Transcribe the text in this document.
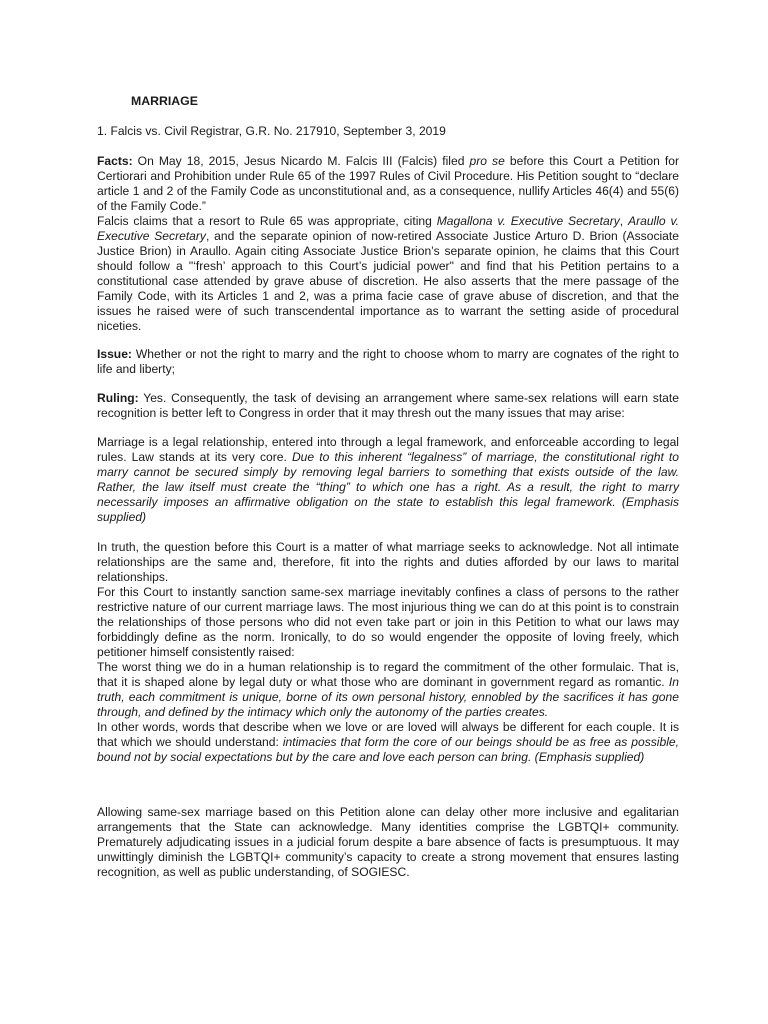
MARRIAGE

1. Falcis vs. Civil Registrar, G.R. No. 217910, September 3, 2019

Facts: On May 18, 2015, Jesus Nicardo M. Falcis III (Falcis) filed pro se before this Court a Petition for Certiorari and Prohibition under Rule 65 of the 1997 Rules of Civil Procedure. His Petition sought to “declare article 1 and 2 of the Family Code as unconstitutional and, as a consequence, nullify Articles 46(4) and 55(6) of the Family Code.”

Falcis claims that a resort to Rule 65 was appropriate, citing Magallona v. Executive Secretary, Araullo v. Executive Secretary, and the separate opinion of now-retired Associate Justice Arturo D. Brion (Associate Justice Brion) in Araullo. Again citing Associate Justice Brion’s separate opinion, he claims that this Court should follow a "‘fresh’ approach to this Court’s judicial power" and find that his Petition pertains to a constitutional case attended by grave abuse of discretion. He also asserts that the mere passage of the Family Code, with its Articles 1 and 2, was a prima facie case of grave abuse of discretion, and that the issues he raised were of such transcendental importance as to warrant the setting aside of procedural niceties.

Issue: Whether or not the right to marry and the right to choose whom to marry are cognates of the right to life and liberty;

Ruling: Yes. Consequently, the task of devising an arrangement where same-sex relations will earn state recognition is better left to Congress in order that it may thresh out the many issues that may arise:

Marriage is a legal relationship, entered into through a legal framework, and enforceable according to legal rules. Law stands at its very core. Due to this inherent “legalness” of marriage, the constitutional right to marry cannot be secured simply by removing legal barriers to something that exists outside of the law. Rather, the law itself must create the “thing” to which one has a right. As a result, the right to marry necessarily imposes an affirmative obligation on the state to establish this legal framework. (Emphasis supplied)

In truth, the question before this Court is a matter of what marriage seeks to acknowledge. Not all intimate relationships are the same and, therefore, fit into the rights and duties afforded by our laws to marital relationships.

For this Court to instantly sanction same-sex marriage inevitably confines a class of persons to the rather restrictive nature of our current marriage laws. The most injurious thing we can do at this point is to constrain the relationships of those persons who did not even take part or join in this Petition to what our laws may forbiddingly define as the norm. Ironically, to do so would engender the opposite of loving freely, which petitioner himself consistently raised:

The worst thing we do in a human relationship is to regard the commitment of the other formulaic. That is, that it is shaped alone by legal duty or what those who are dominant in government regard as romantic. In truth, each commitment is unique, borne of its own personal history, ennobled by the sacrifices it has gone through, and defined by the intimacy which only the autonomy of the parties creates.

In other words, words that describe when we love or are loved will always be different for each couple. It is that which we should understand: intimacies that form the core of our beings should be as free as possible, bound not by social expectations but by the care and love each person can bring. (Emphasis supplied)

Allowing same-sex marriage based on this Petition alone can delay other more inclusive and egalitarian arrangements that the State can acknowledge. Many identities comprise the LGBTQI+ community. Prematurely adjudicating issues in a judicial forum despite a bare absence of facts is presumptuous. It may unwittingly diminish the LGBTQI+ community’s capacity to create a strong movement that ensures lasting recognition, as well as public understanding, of SOGIESC.
